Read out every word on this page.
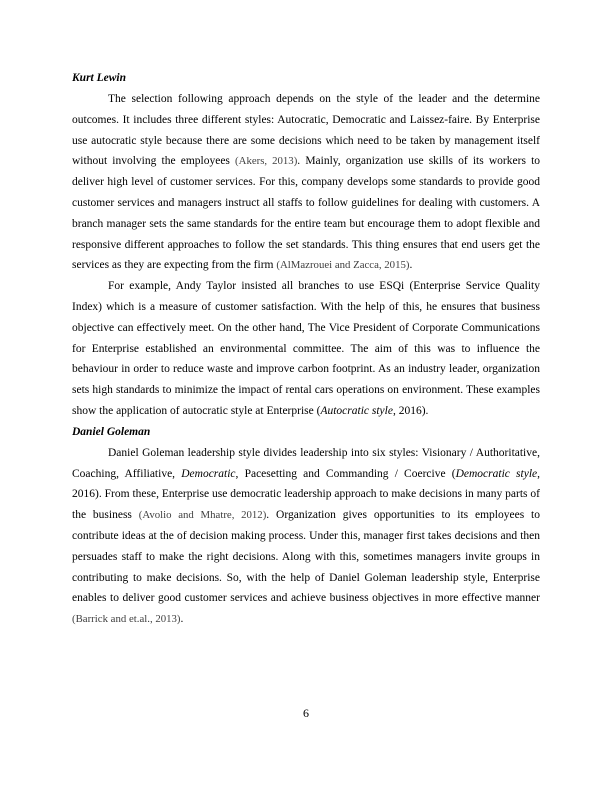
Kurt Lewin

The selection following approach depends on the style of the leader and the determine outcomes. It includes three different styles: Autocratic, Democratic and Laissez-faire. By Enterprise use autocratic style because there are some decisions which need to be taken by management itself without involving the employees (Akers, 2013). Mainly, organization use skills of its workers to deliver high level of customer services. For this, company develops some standards to provide good customer services and managers instruct all staffs to follow guidelines for dealing with customers. A branch manager sets the same standards for the entire team but encourage them to adopt flexible and responsive different approaches to follow the set standards. This thing ensures that end users get the services as they are expecting from the firm (AlMazrouei and Zacca, 2015).

For example, Andy Taylor insisted all branches to use ESQi (Enterprise Service Quality Index) which is a measure of customer satisfaction. With the help of this, he ensures that business objective can effectively meet. On the other hand, The Vice President of Corporate Communications for Enterprise established an environmental committee. The aim of this was to influence the behaviour in order to reduce waste and improve carbon footprint. As an industry leader, organization sets high standards to minimize the impact of rental cars operations on environment. These examples show the application of autocratic style at Enterprise (Autocratic style, 2016).

Daniel Goleman

Daniel Goleman leadership style divides leadership into six styles: Visionary / Authoritative, Coaching, Affiliative, Democratic, Pacesetting and Commanding / Coercive (Democratic style, 2016). From these, Enterprise use democratic leadership approach to make decisions in many parts of the business (Avolio and Mhatre, 2012). Organization gives opportunities to its employees to contribute ideas at the of decision making process. Under this, manager first takes decisions and then persuades staff to make the right decisions. Along with this, sometimes managers invite groups in contributing to make decisions. So, with the help of Daniel Goleman leadership style, Enterprise enables to deliver good customer services and achieve business objectives in more effective manner (Barrick and et.al., 2013).

6
